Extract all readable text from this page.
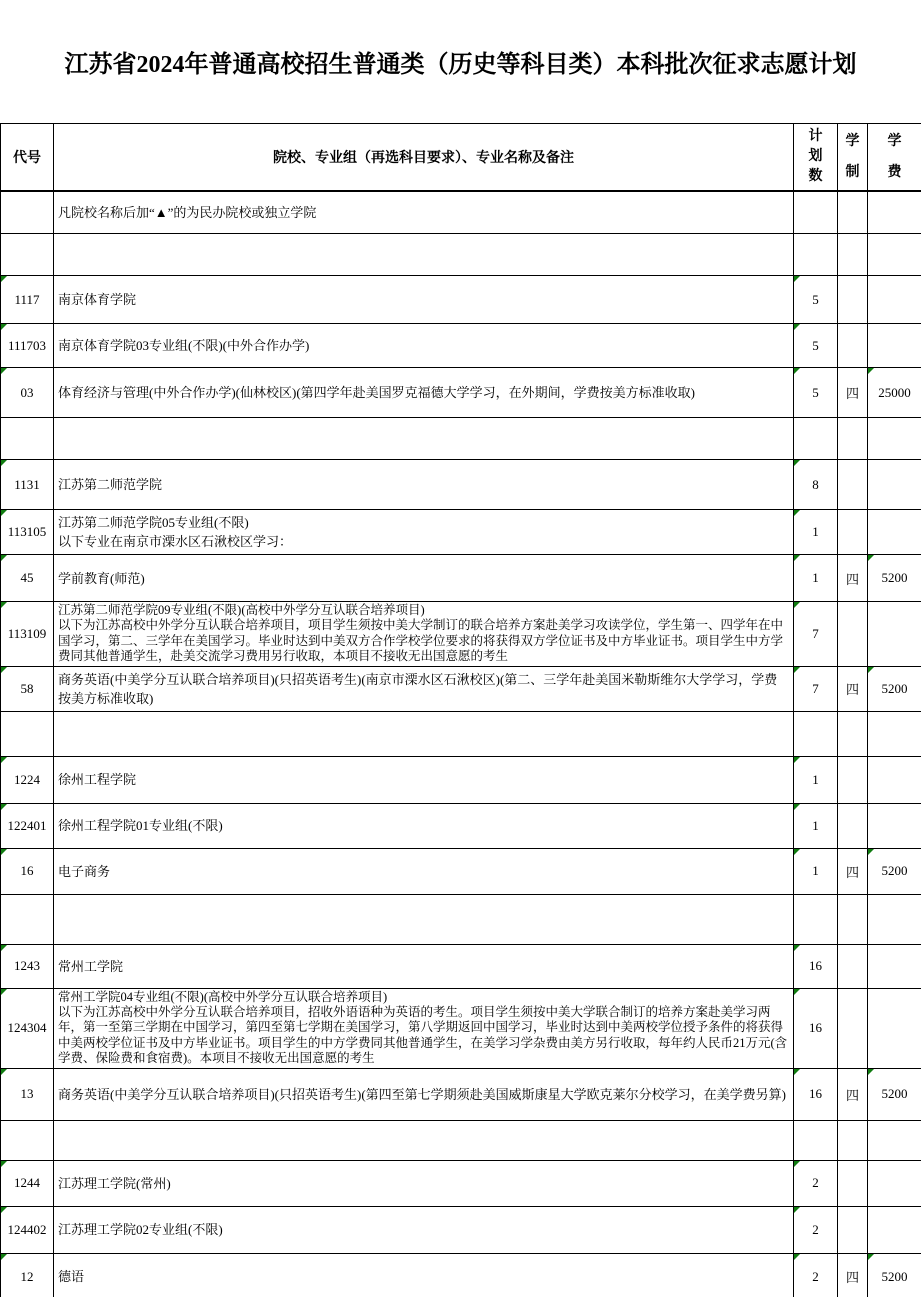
江苏省2024年普通高校招生普通类（历史等科目类）本科批次征求志愿计划
代号	院校、专业组（再选科目要求）、专业名称及备注	计划数	学制	学费

	凡院校名称后加“▲”的为民办院校或独立学院			

1117	南京体育学院	5		
111703	南京体育学院03专业组(不限)(中外合作办学)	5		
03	体育经济与管理(中外合作办学)(仙林校区)(第四学年赴美国罗克福德大学学习，在外期间，学费按美方标准收取)	5	四	25000

1131	江苏第二师范学院	8		
113105	江苏第二师范学院05专业组(不限)
以下专业在南京市溧水区石湫校区学习：	1		
45	学前教育(师范)	1	四	5200
113109	江苏第二师范学院09专业组(不限)(高校中外学分互认联合培养项目)
以下为江苏高校中外学分互认联合培养项目，项目学生须按中美大学制订的联合培养方案赴美学习攻读学位，学生第一、四学年在中国学习，第二、三学年在美国学习。毕业时达到中美双方合作学校学位要求的将获得双方学位证书及中方毕业证书。项目学生中方学费同其他普通学生，赴美交流学习费用另行收取，本项目不接收无出国意愿的考生	7		
58	商务英语(中美学分互认联合培养项目)(只招英语考生)(南京市溧水区石湫校区)(第二、三学年赴美国米勒斯维尔大学学习，学费按美方标准收取)	7	四	5200

1224	徐州工程学院	1		
122401	徐州工程学院01专业组(不限)	1		
16	电子商务	1	四	5200

1243	常州工学院	16		
124304	常州工学院04专业组(不限)(高校中外学分互认联合培养项目)
以下为江苏高校中外学分互认联合培养项目，招收外语语种为英语的考生。项目学生须按中美大学联合制订的培养方案赴美学习两年，第一至第三学期在中国学习，第四至第七学期在美国学习，第八学期返回中国学习，毕业时达到中美两校学位授予条件的将获得中美两校学位证书及中方毕业证书。项目学生的中方学费同其他普通学生，在美学习学杂费由美方另行收取，每年约人民币21万元(含学费、保险费和食宿费)。本项目不接收无出国意愿的考生	16		
13	商务英语(中美学分互认联合培养项目)(只招英语考生)(第四至第七学期须赴美国威斯康星大学欧克莱尔分校学习，在美学费另算)	16	四	5200

1244	江苏理工学院(常州)	2		
124402	江苏理工学院02专业组(不限)	2		
12	德语	2	四	5200
